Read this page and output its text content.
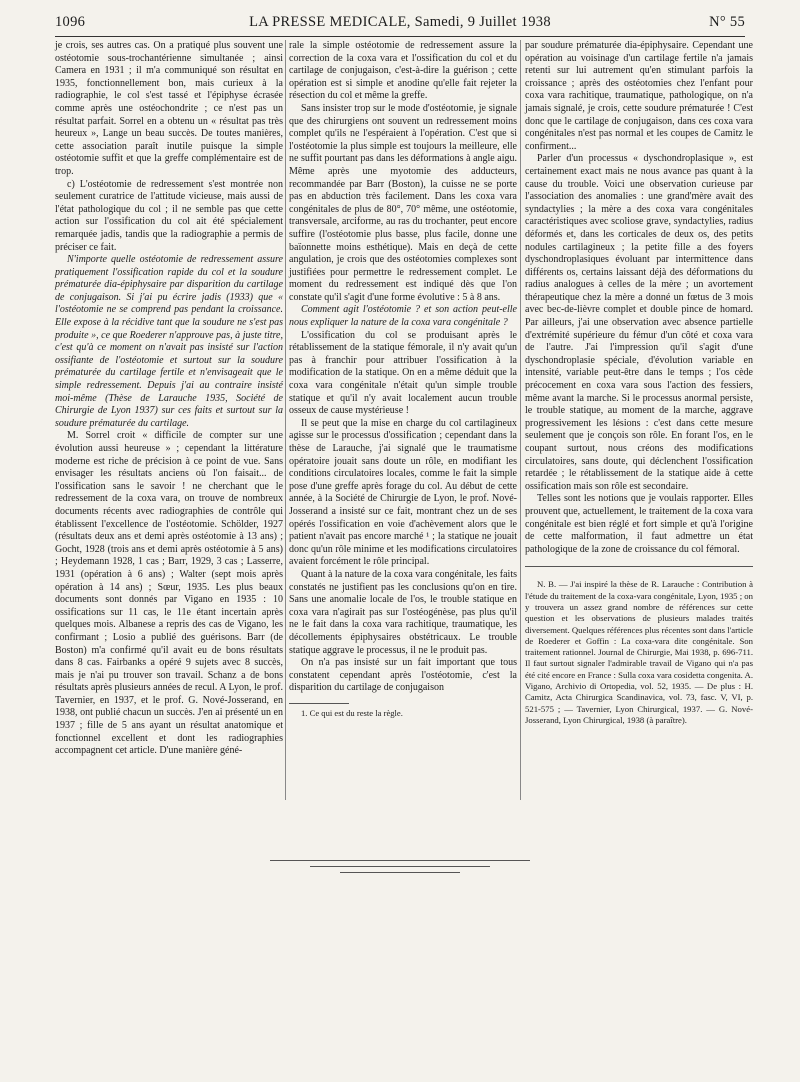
1096	LA PRESSE MEDICALE, Samedi, 9 Juillet 1938	N° 55

je crois, ses autres cas. On a pratiqué plus souvent une ostéotomie sous-trochantérienne simultanée ; ainsi Camera en 1931 ; il m'a communiqué son résultat en 1935, fonctionnellement bon, mais curieux à la radiographie, le col s'est tassé et l'épiphyse écrasée comme après une ostéochondrite ; ce n'est pas un résultat parfait. Sorrel en a obtenu un « résultat pas très heureux », Lange un beau succès. De toutes manières, cette association paraît inutile puisque la simple ostéotomie suffit et que la greffe complémentaire est de trop.

c) L'ostéotomie de redressement s'est montrée non seulement curatrice de l'attitude vicieuse, mais aussi de l'état pathologique du col ; il ne semble pas que cette action sur l'ossification du col ait été spécialement remarquée jadis, tandis que la radiographie a permis de préciser ce fait.

N'importe quelle ostéotomie de redressement assure pratiquement l'ossification rapide du col et la soudure prématurée dia-épiphysaire par disparition du cartilage de conjugaison. Si j'ai pu écrire jadis (1933) que « l'ostéotomie ne se comprend pas pendant la croissance. Elle expose à la récidive tant que la soudure ne s'est pas produite », ce que Roederer n'approuve pas, à juste titre, c'est qu'à ce moment on n'avait pas insisté sur l'action ossifiante de l'ostéotomie et surtout sur la soudure prématurée du cartilage fertile et n'envisageait que le simple redressement. Depuis j'ai au contraire insisté moi-même (Thèse de Larauche 1935, Société de Chirurgie de Lyon 1937) sur ces faits et surtout sur la soudure prématurée du cartilage.

M. Sorrel croit « difficile de compter sur une évolution aussi heureuse » ; cependant la littérature moderne est riche de précision à ce point de vue. Sans envisager les résultats anciens où l'on faisait... de l'ossification sans le savoir ! ne cherchant que le redressement de la coxa vara, on trouve de nombreux documents récents avec radiographies de contrôle qui établissent l'excellence de l'ostéotomie. Schölder, 1927 (résultats deux ans et demi après ostéotomie à 13 ans) ; Gocht, 1928 (trois ans et demi après ostéotomie à 5 ans) ; Heydemann 1928, 1 cas ; Barr, 1929, 3 cas ; Lasserre, 1931 (opération à 6 ans) ; Walter (sept mois après opération à 14 ans) ; Sœur, 1935. Les plus beaux documents sont donnés par Vigano en 1935 : 10 ossifications sur 11 cas, le 11e étant incertain après quelques mois. Albanese a repris des cas de Vigano, les confirmant ; Losio a publié des guérisons. Barr (de Boston) m'a confirmé qu'il avait eu de bons résultats dans 8 cas. Fairbanks a opéré 9 sujets avec 8 succès, mais je n'ai pu trouver son travail. Schanz a de bons résultats après plusieurs années de recul. A Lyon, le prof. Tavernier, en 1937, et le prof. G. Nové-Josserand, en 1938, ont publié chacun un succès. J'en ai présenté un en 1937 ; fille de 5 ans ayant un résultat anatomique et fonctionnel excellent et dont les radiographies accompagnent cet article. D'une manière géné-

rale la simple ostéotomie de redressement assure la correction de la coxa vara et l'ossification du col et du cartilage de conjugaison, c'est-à-dire la guérison ; cette opération est si simple et anodine qu'elle fait rejeter la résection du col et même la greffe.

Sans insister trop sur le mode d'ostéotomie, je signale que des chirurgiens ont souvent un redressement moins complet qu'ils ne l'espéraient à l'opération. C'est que si l'ostéotomie la plus simple est toujours la meilleure, elle ne suffit pourtant pas dans les déformations à angle aigu. Même après une myotomie des adducteurs, recommandée par Barr (Boston), la cuisse ne se porte pas en abduction très facilement. Dans les coxa vara congénitales de plus de 80°, 70° même, une ostéotomie, transversale, arciforme, au ras du trochanter, peut encore suffire (l'ostéotomie plus basse, plus facile, donne une baïonnette moins esthétique). Mais en deçà de cette angulation, je crois que des ostéotomies complexes sont justifiées pour permettre le redressement complet. Le moment du redressement est indiqué dès que l'on constate qu'il s'agit d'une forme évolutive : 5 à 8 ans.

Comment agit l'ostéotomie ? et son action peut-elle nous expliquer la nature de la coxa vara congénitale ?

L'ossification du col se produisant après le rétablissement de la statique fémorale, il n'y avait qu'un pas à franchir pour attribuer l'ossification à la modification de la statique. On en a même déduit que la coxa vara congénitale n'était qu'un simple trouble statique et qu'il n'y avait localement aucun trouble osseux de cause mystérieuse !

Il se peut que la mise en charge du col cartilagineux agisse sur le processus d'ossification ; cependant dans la thèse de Larauche, j'ai signalé que le traumatisme opératoire jouait sans doute un rôle, en modifiant les conditions circulatoires locales, comme le fait la simple pose d'une greffe après forage du col. Au début de cette année, à la Société de Chirurgie de Lyon, le prof. Nové-Josserand a insisté sur ce fait, montrant chez un de ses opérés l'ossification en voie d'achèvement alors que le patient n'avait pas encore marché ¹ ; la statique ne jouait donc qu'un rôle minime et les modifications circulatoires avaient forcément le rôle principal.

Quant à la nature de la coxa vara congénitale, les faits constatés ne justifient pas les conclusions qu'on en tire. Sans une anomalie locale de l'os, le trouble statique en coxa vara n'agirait pas sur l'ostéogénèse, pas plus qu'il ne le fait dans la coxa vara rachitique, traumatique, les décollements épiphysaires obstétricaux. Le trouble statique aggrave le processus, il ne le produit pas.

On n'a pas insisté sur un fait important que tous constatent cependant après l'ostéotomie, c'est la disparition du cartilage de conjugaison

1. Ce qui est du reste la règle.

par soudure prématurée dia-épiphysaire. Cependant une opération au voisinage d'un cartilage fertile n'a jamais retenti sur lui autrement qu'en stimulant parfois la croissance ; après des ostéotomies chez l'enfant pour coxa vara rachitique, traumatique, pathologique, on n'a jamais signalé, je crois, cette soudure prématurée ! C'est donc que le cartilage de conjugaison, dans ces coxa vara congénitales n'est pas normal et les coupes de Camitz le confirment...

Parler d'un processus « dyschondroplasique », est certainement exact mais ne nous avance pas quant à la cause du trouble. Voici une observation curieuse par l'association des anomalies : une grand'mère avait des syndactylies ; la mère a des coxa vara congénitales caractéristiques avec scoliose grave, syndactylies, radius déformés et, dans les corticales de deux os, des petits nodules cartilagineux ; la petite fille a des foyers dyschondroplasiques évoluant par intermittence dans différents os, certains laissant déjà des déformations du radius analogues à celles de la mère ; un avortement thérapeutique chez la mère a donné un fœtus de 3 mois avec bec-de-lièvre complet et double pince de homard. Par ailleurs, j'ai une observation avec absence partielle d'extrémité supérieure du fémur d'un côté et coxa vara de l'autre. J'ai l'impression qu'il s'agit d'une dyschondroplasie spéciale, d'évolution variable en intensité, variable peut-être dans le temps ; l'os cède précocement en coxa vara sous l'action des fessiers, même avant la marche. Si le processus anormal persiste, le trouble statique, au moment de la marche, aggrave progressivement les lésions : c'est dans cette mesure seulement que je conçois son rôle. En forant l'os, en le coupant surtout, nous créons des modifications circulatoires, sans doute, qui déclenchent l'ossification retardée ; le rétablissement de la statique aide à cette ossification mais son rôle est secondaire.

Telles sont les notions que je voulais rapporter. Elles prouvent que, actuellement, le traitement de la coxa vara congénitale est bien réglé et fort simple et qu'à l'origine de cette malformation, il faut admettre un état pathologique de la zone de croissance du col fémoral.

N. B. — J'ai inspiré la thèse de R. Larauche : Contribution à l'étude du traitement de la coxa-vara congénitale, Lyon, 1935 ; on y trouvera un assez grand nombre de références sur cette question et les observations de plusieurs malades traités diversement. Quelques références plus récentes sont dans l'article de Roederer et Goffin : La coxa-vara dite congénitale. Son traitement rationnel. Journal de Chirurgie, Mai 1938, p. 696-711. Il faut surtout signaler l'admirable travail de Vigano qui n'a pas été cité encore en France : Sulla coxa vara cosidetta congenita. A. Vigano, Archivio di Ortopedia, vol. 52, 1935. — De plus : H. Camitz, Acta Chirurgica Scandinavica, vol. 73, fasc. V, VI, p. 521-575 ; — Tavernier, Lyon Chirurgical, 1937. — G. Nové-Josserand, Lyon Chirurgical, 1938 (à paraître).
